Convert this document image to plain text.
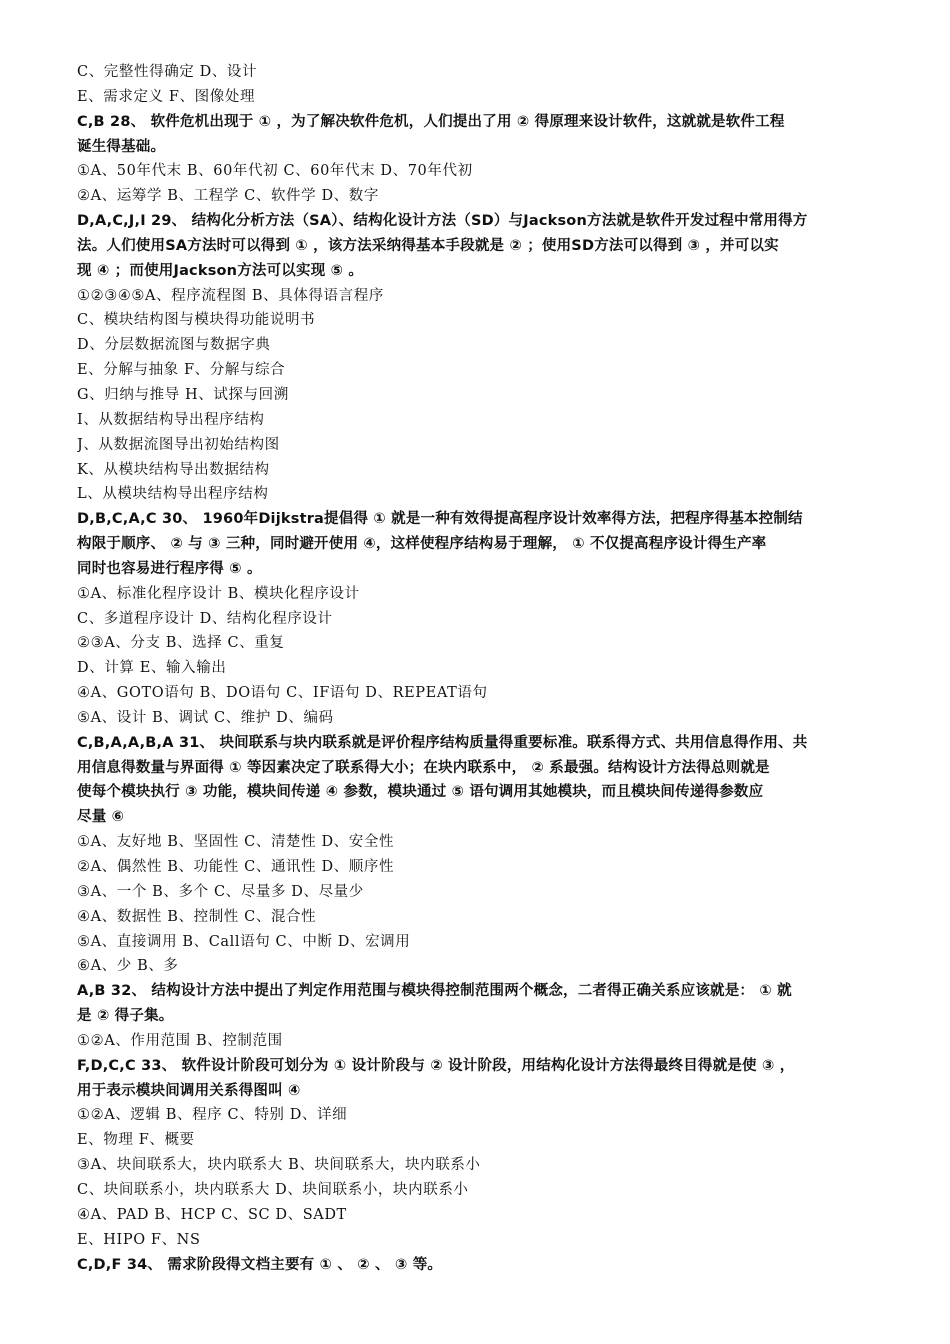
C、完整性得确定 D、设计
E、需求定义 F、图像处理
C,B 28、 软件危机出现于 ① ，为了解决软件危机，人们提出了用 ② 得原理来设计软件，这就就是软件工程
诞生得基础。
①A、50年代末 B、60年代初 C、60年代末 D、70年代初
②A、运筹学 B、工程学 C、软件学 D、数字
D,A,C,J,I 29、 结构化分析方法（SA）、结构化设计方法（SD）与Jackson方法就是软件开发过程中常用得方
法。人们使用SA方法时可以得到 ① ，该方法采纳得基本手段就是 ② ；使用SD方法可以得到 ③ ，并可以实
现 ④ ；而使用Jackson方法可以实现 ⑤ 。
①②③④⑤A、程序流程图 B、具体得语言程序
C、模块结构图与模块得功能说明书
D、分层数据流图与数据字典
E、分解与抽象 F、分解与综合
G、归纳与推导 H、试探与回溯
I、从数据结构导出程序结构
J、从数据流图导出初始结构图
K、从模块结构导出数据结构
L、从模块结构导出程序结构
D,B,C,A,C 30、 1960年Dijkstra提倡得 ① 就是一种有效得提高程序设计效率得方法，把程序得基本控制结
构限于顺序、 ② 与 ③ 三种，同时避开使用 ④，这样使程序结构易于理解， ① 不仅提高程序设计得生产率
同时也容易进行程序得 ⑤ 。
①A、标准化程序设计 B、模块化程序设计
C、多道程序设计 D、结构化程序设计
②③A、分支 B、选择 C、重复
D、计算 E、输入输出
④A、GOTO语句 B、DO语句 C、IF语句 D、REPEAT语句
⑤A、设计 B、调试 C、维护 D、编码
C,B,A,A,B,A 31、 块间联系与块内联系就是评价程序结构质量得重要标准。联系得方式、共用信息得作用、共
用信息得数量与界面得 ① 等因素决定了联系得大小；在块内联系中， ② 系最强。结构设计方法得总则就是
使每个模块执行 ③ 功能，模块间传递 ④ 参数，模块通过 ⑤ 语句调用其她模块，而且模块间传递得参数应
尽量 ⑥
①A、友好地 B、坚固性 C、清楚性 D、安全性
②A、偶然性 B、功能性 C、通讯性 D、顺序性
③A、一个 B、多个 C、尽量多 D、尽量少
④A、数据性 B、控制性 C、混合性
⑤A、直接调用 B、Call语句 C、中断 D、宏调用
⑥A、少 B、多
A,B 32、 结构设计方法中提出了判定作用范围与模块得控制范围两个概念，二者得正确关系应该就是： ① 就
是 ② 得子集。
①②A、作用范围 B、控制范围
F,D,C,C 33、 软件设计阶段可划分为 ① 设计阶段与 ② 设计阶段，用结构化设计方法得最终目得就是使 ③ ，
用于表示模块间调用关系得图叫 ④
①②A、逻辑 B、程序 C、特别 D、详细
E、物理 F、概要
③A、块间联系大，块内联系大 B、块间联系大，块内联系小
C、块间联系小，块内联系大 D、块间联系小，块内联系小
④A、PAD B、HCP C、SC D、SADT
E、HIPO F、NS
C,D,F 34、 需求阶段得文档主要有 ① 、 ② 、 ③ 等。
